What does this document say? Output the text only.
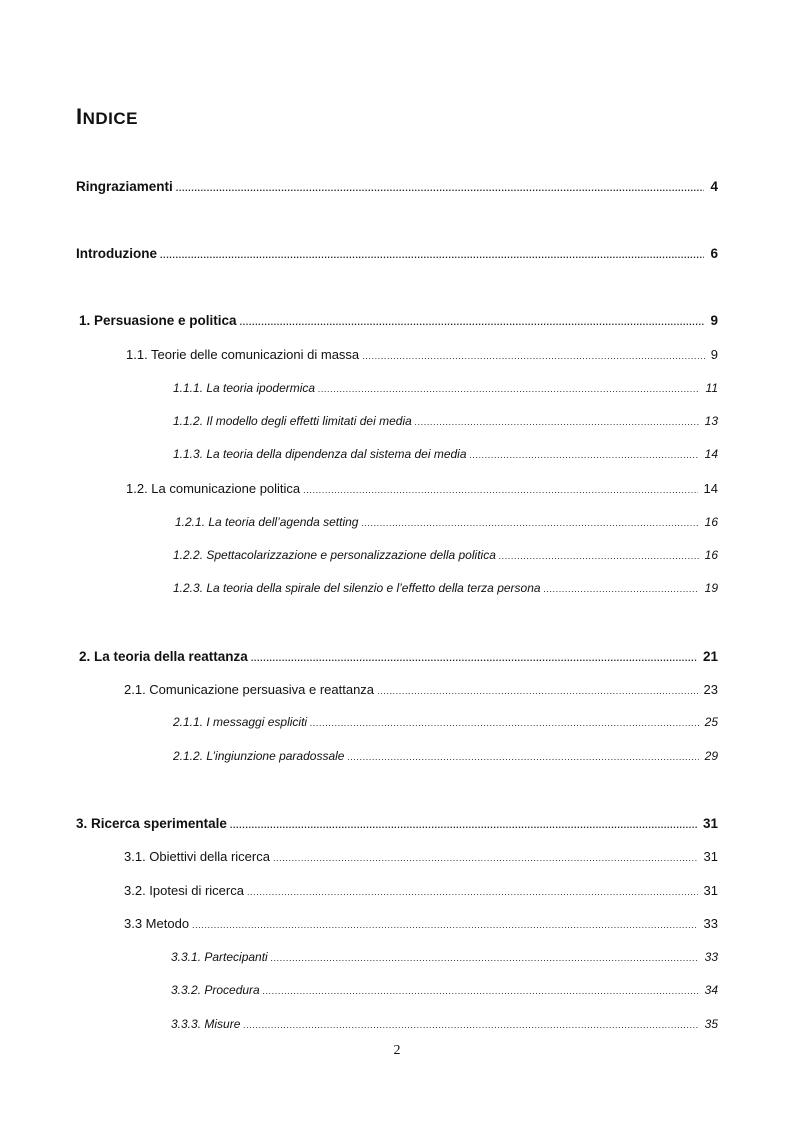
INDICE
Ringraziamenti .....	4
Introduzione .....	6
1. Persuasione e politica .....	9
1.1. Teorie delle comunicazioni di massa .....	9
1.1.1. La teoria ipodermica .....	11
1.1.2. Il modello degli effetti limitati dei media .....	13
1.1.3. La teoria della dipendenza dal sistema dei media .....	14
1.2. La comunicazione politica .....	14
1.2.1. La teoria dell’agenda setting .....	16
1.2.2. Spettacolarizzazione e personalizzazione della politica .....	16
1.2.3. La teoria della spirale del silenzio e l’effetto della terza persona .....	19
2. La teoria della reattanza .....	21
2.1. Comunicazione persuasiva e reattanza .....	23
2.1.1. I messaggi espliciti .....	25
2.1.2. L’ingiunzione paradossale .....	29
3. Ricerca sperimentale .....	31
3.1. Obiettivi della ricerca .....	31
3.2. Ipotesi di ricerca .....	31
3.3 Metodo .....	33
3.3.1. Partecipanti .....	33
3.3.2. Procedura .....	34
3.3.3. Misure .....	35
2
